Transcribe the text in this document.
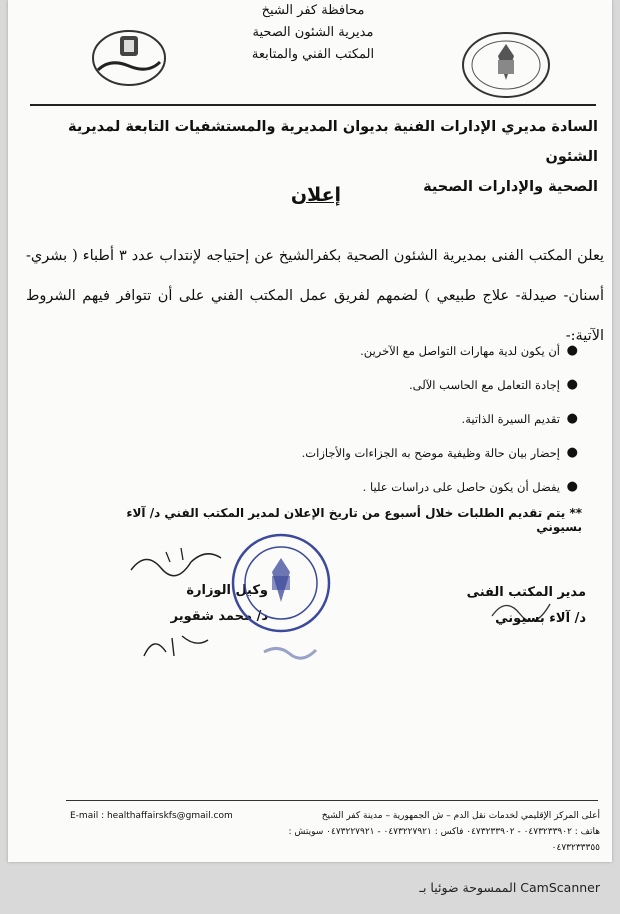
محافظة كفر الشيخ
مديرية الشئون الصحية
المكتب الفني والمتابعة
السادة مديري الإدارات الفنية بديوان المديرية والمستشفيات التابعة لمديرية الشئون
الصحية والإدارات الصحية
إعلان
يعلن المكتب الفنى بمديرية الشئون الصحية بكفرالشيخ عن إحتياجه لإنتداب عدد ٣ أطباء ( بشري- أسنان- صيدلة- علاج طبيعي ) لضمهم لفريق عمل المكتب الفني على أن تتوافر فيهم الشروط الآتية:-
●
أن يكون لدية مهارات التواصل مع الآخرين.
●
إجادة التعامل مع الحاسب الآلى.
●
تقديم السيرة الذاتية.
●
إحضار بيان حالة وظيفية موضح به الجزاءات والأجازات.
●
يفضل أن يكون حاصل على دراسات عليا .
** يتم تقديم الطلبات خلال أسبوع من تاريخ الإعلان لمدير المكتب الفني د/ آلاء بسيوني
وكيل الوزارة
د/ محمد شقوير
مدير المكتب الفنى
د/ آلاء بسيوني
أعلى المركز الإقليمي لخدمات نقل الدم – ش الجمهورية – مدينة كفر الشيخ
هاتف : ٠٤٧٣٢٣٣٩٠٢ - ٠٤٧٣٢٣٣٩٠٢ فاكس : ٠٤٧٣٢٢٧٩٢١ - ٠٤٧٣٢٢٧٩٢١ سويتش : ٠٤٧٣٢٣٣٣٥٥
E-mail : healthaffairskfs@gmail.com
CamScanner الممسوحة ضوئيا بـ
